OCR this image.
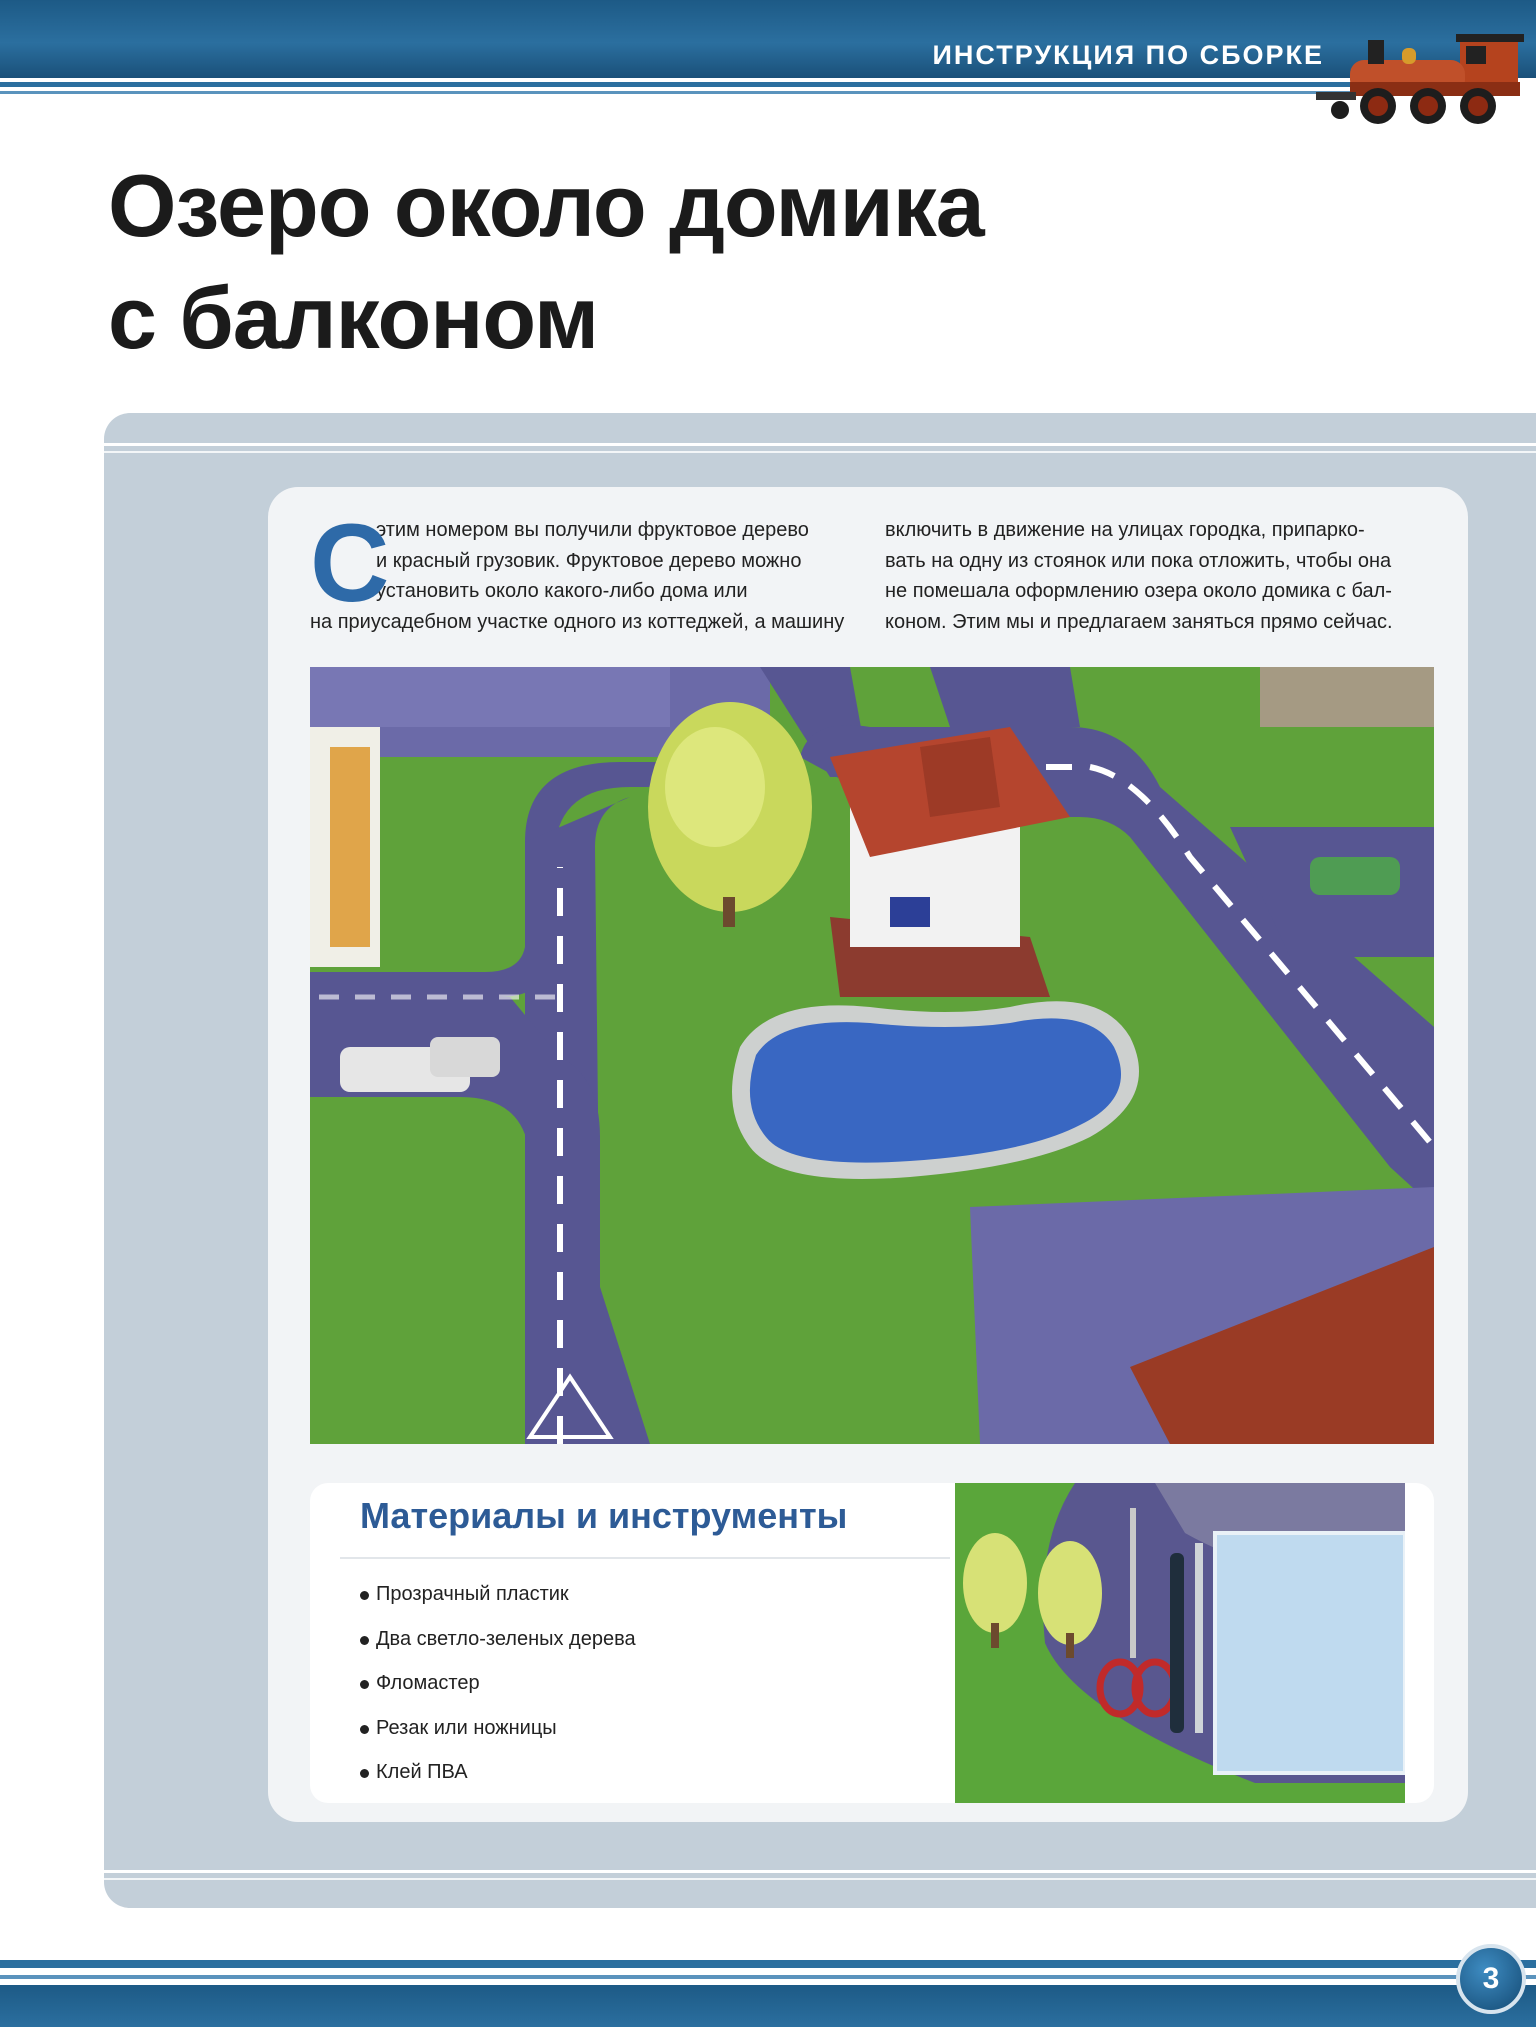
ИНСТРУКЦИЯ ПО СБОРКЕ
Озеро около домика
с балконом
С
этим номером вы получили фруктовое дерево
и красный грузовик. Фруктовое дерево можно
установить около какого-либо дома или
на приусадебном участке одного из коттеджей, а машину
включить в движение на улицах городка, припарко-
вать на одну из стоянок или пока отложить, чтобы она
не помешала оформлению озера около домика с бал-
коном. Этим мы и предлагаем заняться прямо сейчас.
Материалы и инструменты
Прозрачный пластик
Два светло-зеленых дерева
Фломастер
Резак или ножницы
Клей ПВА
3
